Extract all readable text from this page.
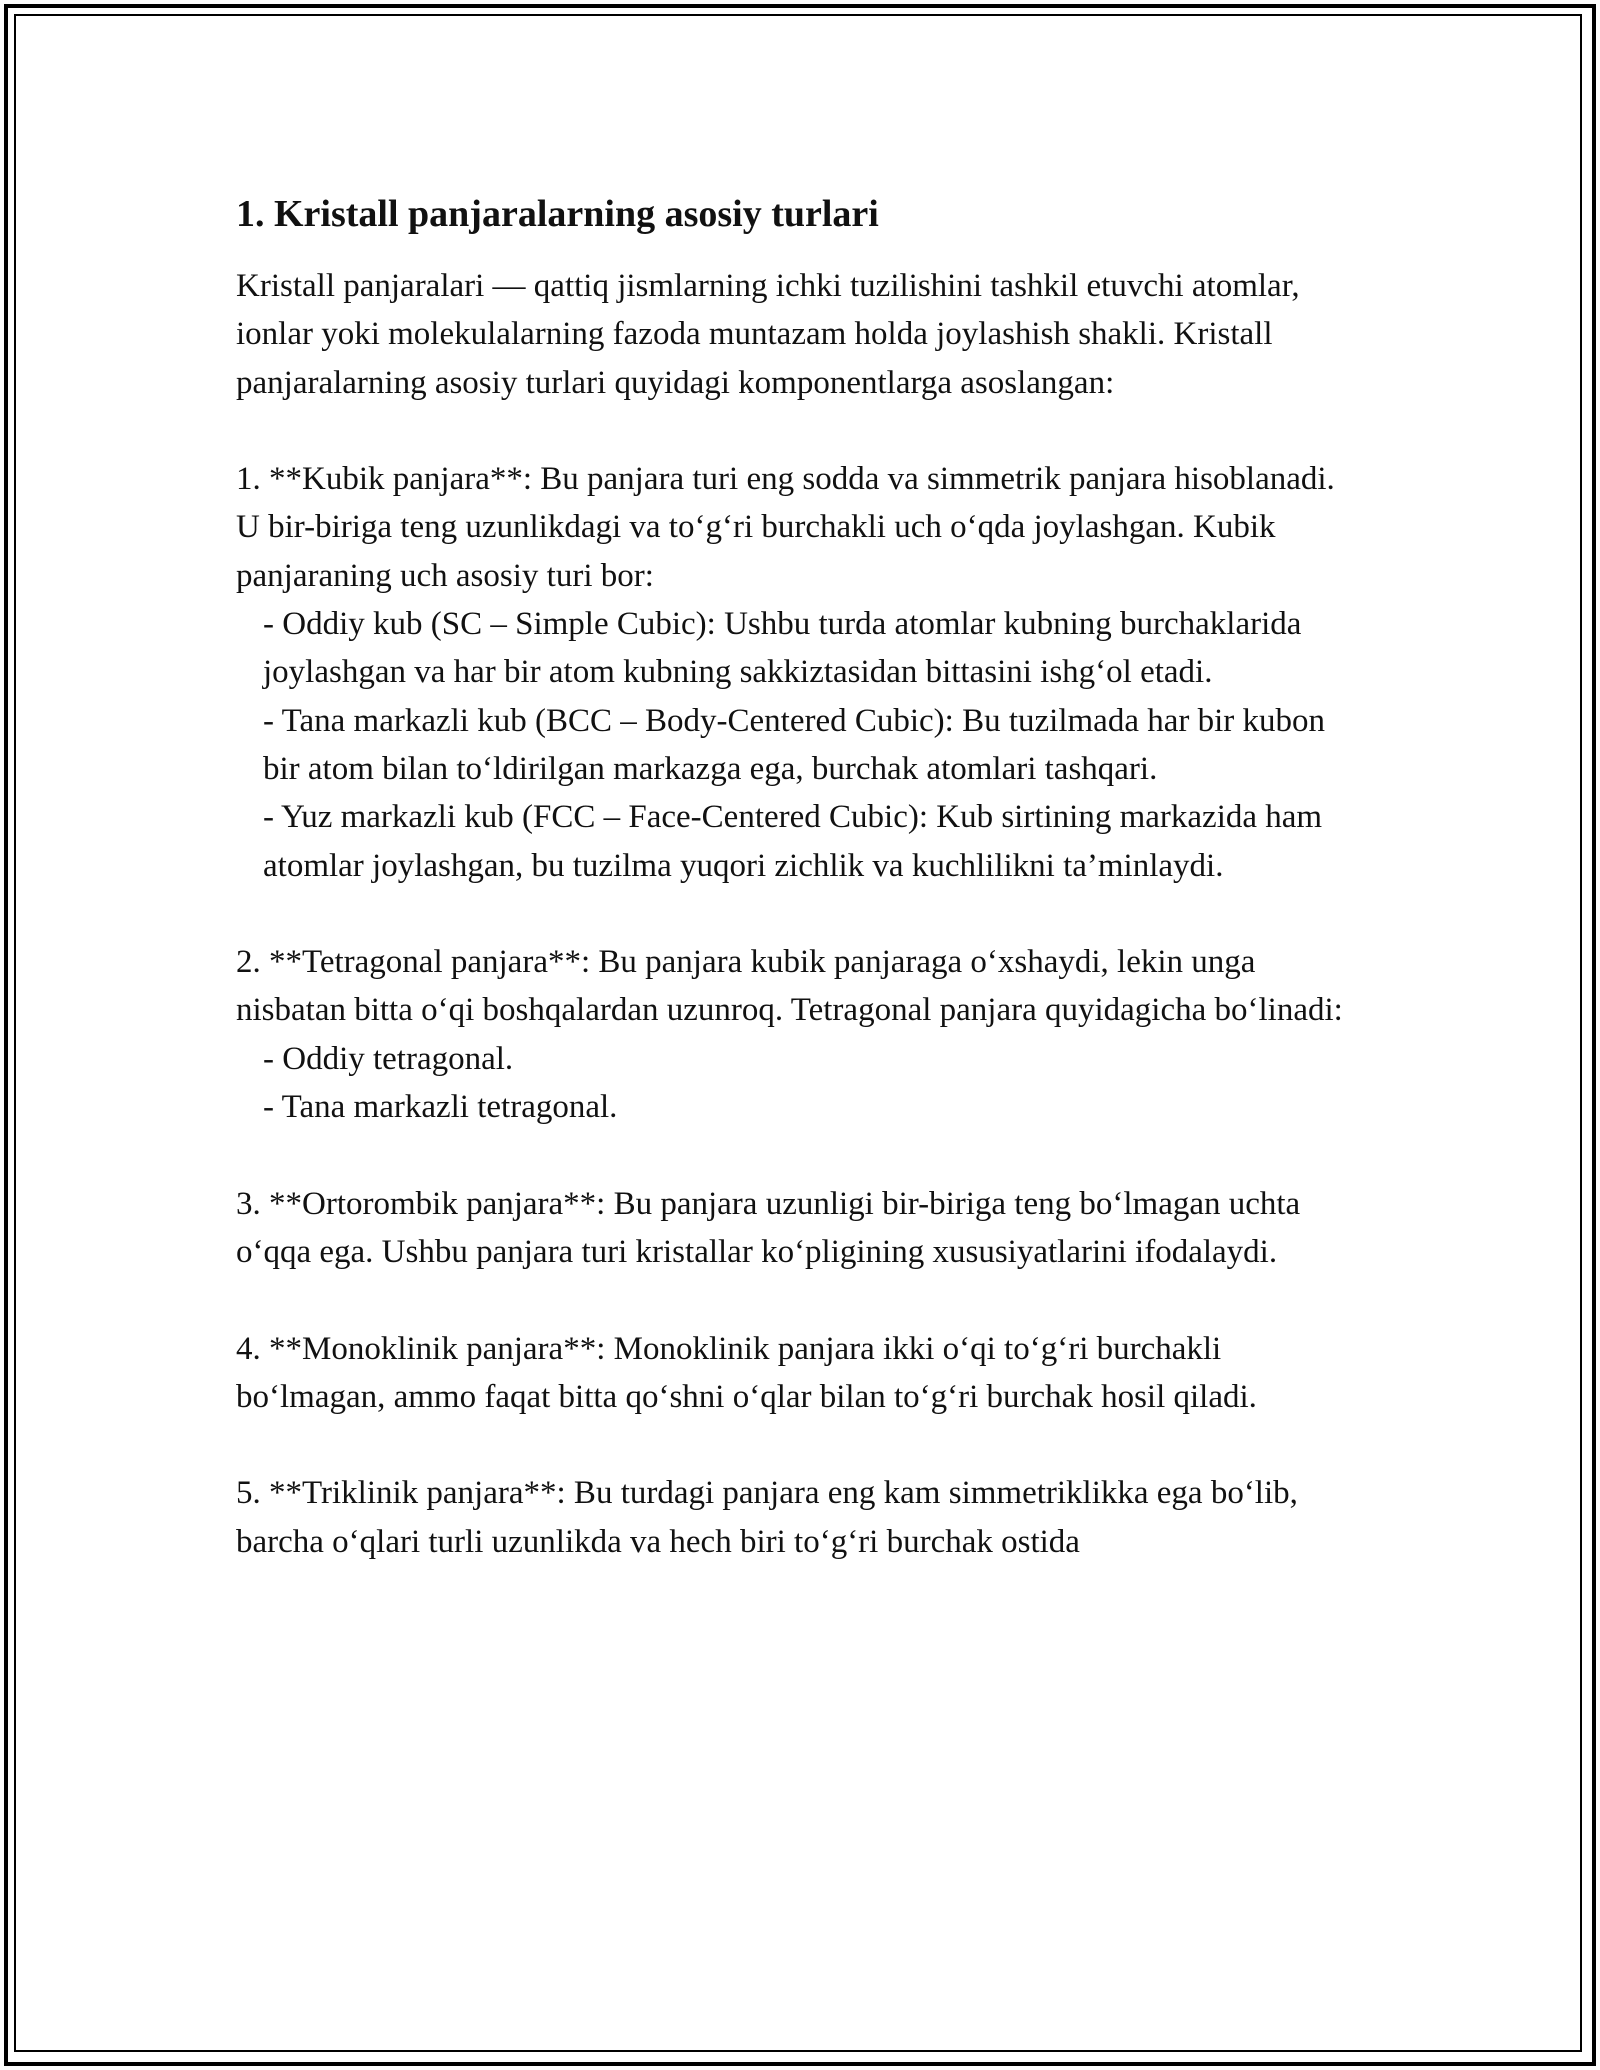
1. Kristall panjaralarning asosiy turlari

Kristall panjaralari — qattiq jismlarning ichki tuzilishini tashkil etuvchi atomlar, ionlar yoki molekulalarning fazoda muntazam holda joylashish shakli. Kristall panjaralarning asosiy turlari quyidagi komponentlarga asoslangan:

1. **Kubik panjara**: Bu panjara turi eng sodda va simmetrik panjara hisoblanadi. U bir-biriga teng uzunlikdagi va to‘g‘ri burchakli uch o‘qda joylashgan. Kubik panjaraning uch asosiy turi bor:

- Oddiy kub (SC – Simple Cubic): Ushbu turda atomlar kubning burchaklarida joylashgan va har bir atom kubning sakkiztasidan bittasini ishg‘ol etadi.

- Tana markazli kub (BCC – Body-Centered Cubic): Bu tuzilmada har bir kubon bir atom bilan to‘ldirilgan markazga ega, burchak atomlari tashqari.

- Yuz markazli kub (FCC – Face-Centered Cubic): Kub sirtining markazida ham atomlar joylashgan, bu tuzilma yuqori zichlik va kuchlilikni ta’minlaydi.

2. **Tetragonal panjara**: Bu panjara kubik panjaraga o‘xshaydi, lekin unga nisbatan bitta o‘qi boshqalardan uzunroq. Tetragonal panjara quyidagicha bo‘linadi:

- Oddiy tetragonal.

- Tana markazli tetragonal.

3. **Ortorombik panjara**: Bu panjara uzunligi bir-biriga teng bo‘lmagan uchta o‘qqa ega. Ushbu panjara turi kristallar ko‘pligining xususiyatlarini ifodalaydi.

4. **Monoklinik panjara**: Monoklinik panjara ikki o‘qi to‘g‘ri burchakli bo‘lmagan, ammo faqat bitta qo‘shni o‘qlar bilan to‘g‘ri burchak hosil qiladi.

5. **Triklinik panjara**: Bu turdagi panjara eng kam simmetriklikka ega bo‘lib, barcha o‘qlari turli uzunlikda va hech biri to‘g‘ri burchak ostida
